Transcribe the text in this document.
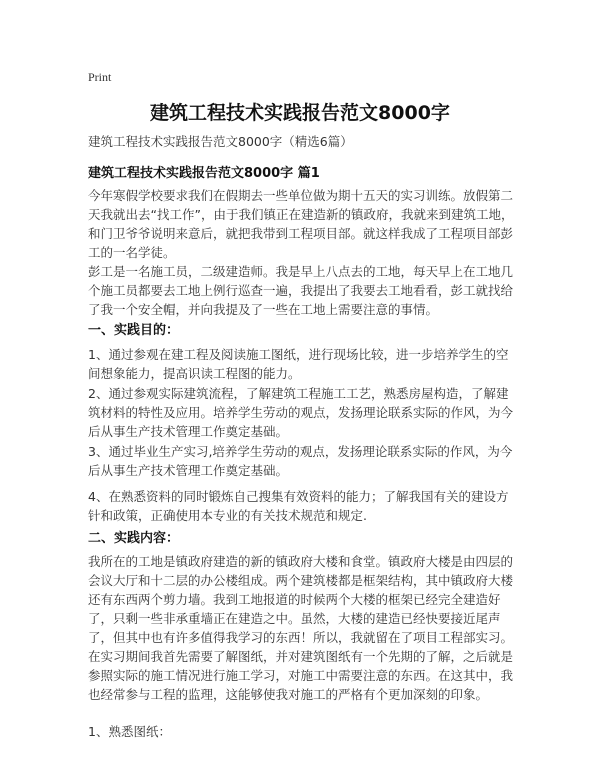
Print
建筑工程技术实践报告范文8000字
建筑工程技术实践报告范文8000字（精选6篇）
建筑工程技术实践报告范文8000字 篇1

今年寒假学校要求我们在假期去一些单位做为期十五天的实习训练。放假第二天我就出去“找工作”，由于我们镇正在建造新的镇政府，我就来到建筑工地，和门卫爷爷说明来意后，就把我带到工程项目部。就这样我成了工程项目部彭工的一名学徒。

彭工是一名施工员，二级建造师。我是早上八点去的工地，每天早上在工地几个施工员都要去工地上例行巡查一遍，我提出了我要去工地看看，彭工就找给了我一个安全帽，并向我提及了一些在工地上需要注意的事情。

一、实践目的：

1、通过参观在建工程及阅读施工图纸，进行现场比较，进一步培养学生的空间想象能力，提高识读工程图的能力。

2、通过参观实际建筑流程，了解建筑工程施工工艺，熟悉房屋构造，了解建筑材料的特性及应用。培养学生劳动的观点，发扬理论联系实际的作风，为今后从事生产技术管理工作奠定基础。

3、通过毕业生产实习,培养学生劳动的观点，发扬理论联系实际的作风，为今后从事生产技术管理工作奠定基础。

4、在熟悉资料的同时锻炼自己搜集有效资料的能力；了解我国有关的建设方针和政策，正确使用本专业的有关技术规范和规定.

二、实践内容：

我所在的工地是镇政府建造的新的镇政府大楼和食堂。镇政府大楼是由四层的会议大厅和十二层的办公楼组成。两个建筑楼都是框架结构，其中镇政府大楼还有东西两个剪力墙。我到工地报道的时候两个大楼的框架已经完全建造好了，只剩一些非承重墙正在建造之中。虽然，大楼的建造已经快要接近尾声了，但其中也有许多值得我学习的东西！所以，我就留在了项目工程部实习。在实习期间我首先需要了解图纸，并对建筑图纸有一个先期的了解，之后就是参照实际的施工情况进行施工学习，对施工中需要注意的东西。在这其中，我也经常参与工程的监理，这能够使我对施工的严格有个更加深刻的印象。

1、熟悉图纸：
